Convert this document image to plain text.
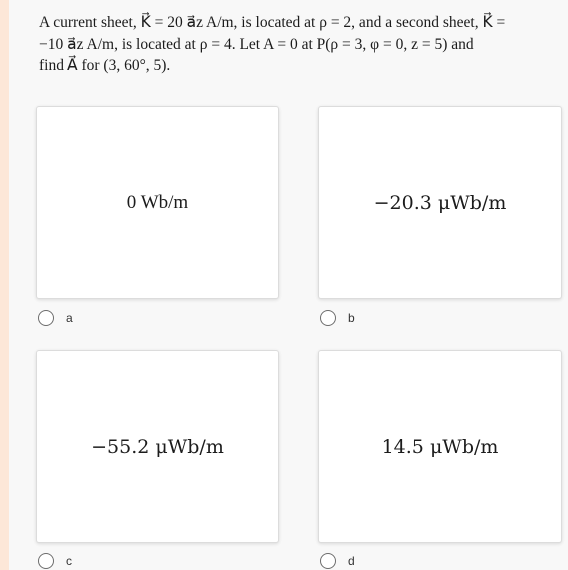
A current sheet, K⃗ = 20 a⃗z A/m, is located at ρ = 2, and a second sheet, K⃗ =
−10 a⃗z A/m, is located at ρ = 4. Let A = 0 at P(ρ = 3, φ = 0, z = 5) and
find A⃗ for (3, 60°, 5).
0 Wb/m
a
−20.3 μWb/m
b
−55.2 μWb/m
c
14.5 μWb/m
d
